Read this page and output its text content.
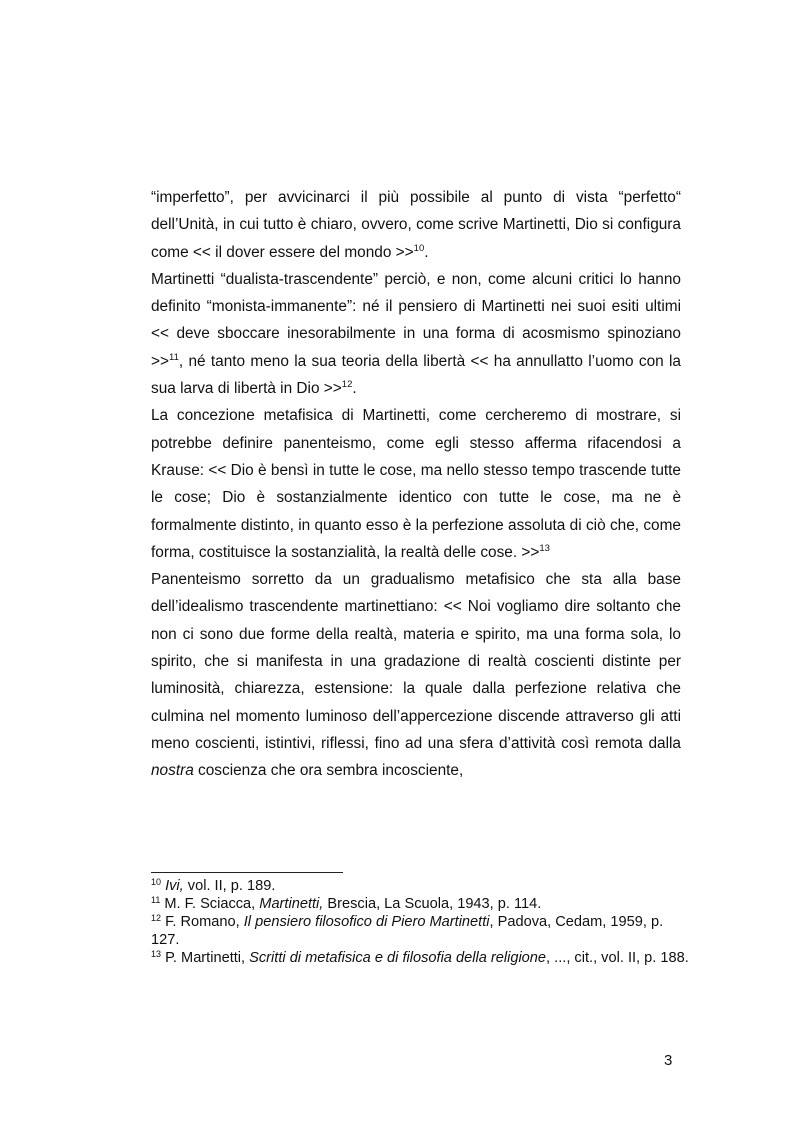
“imperfetto”, per avvicinarci il più possibile al punto di vista “perfetto“ dell’Unità, in cui tutto è chiaro, ovvero, come scrive Martinetti, Dio si configura come << il dover essere del mondo >>$^{10}$.

Martinetti “dualista-trascendente” perciò, e non, come alcuni critici lo hanno definito “monista-immanente”: né il pensiero di Martinetti nei suoi esiti ultimi << deve sboccare inesorabilmente in una forma di acosmismo spinoziano >>$^{11}$, né tanto meno la sua teoria della libertà << ha annullatto l’uomo con la sua larva di libertà in Dio >>$^{12}$.

La concezione metafisica di Martinetti, come cercheremo di mostrare, si potrebbe definire panenteismo, come egli stesso afferma rifacendosi a Krause: << Dio è bensì in tutte le cose, ma nello stesso tempo trascende tutte le cose; Dio è sostanzialmente identico con tutte le cose, ma ne è formalmente distinto, in quanto esso è la perfezione assoluta di ciò che, come forma, costituisce la sostanzialità, la realtà delle cose. >>$^{13}$

Panenteismo sorretto da un gradualismo metafisico che sta alla base dell’idealismo trascendente martinettiano: << Noi vogliamo dire soltanto che non ci sono due forme della realtà, materia e spirito, ma una forma sola, lo spirito, che si manifesta in una gradazione di realtà coscienti distinte per luminosità, chiarezza, estensione: la quale dalla perfezione relativa che culmina nel momento luminoso dell’appercezione discende attraverso gli atti meno coscienti, istintivi, riflessi, fino ad una sfera d’attività così remota dalla nostra coscienza che ora sembra incosciente,

$^{10}$ Ivi, vol. II, p. 189.

$^{11}$ M. F. Sciacca, Martinetti, Brescia, La Scuola, 1943, p. 114.

$^{12}$ F. Romano, Il pensiero filosofico di Piero Martinetti, Padova, Cedam, 1959, p. 127.

$^{13}$ P. Martinetti, Scritti di metafisica e di filosofia della religione, ..., cit., vol. II, p. 188.

3
